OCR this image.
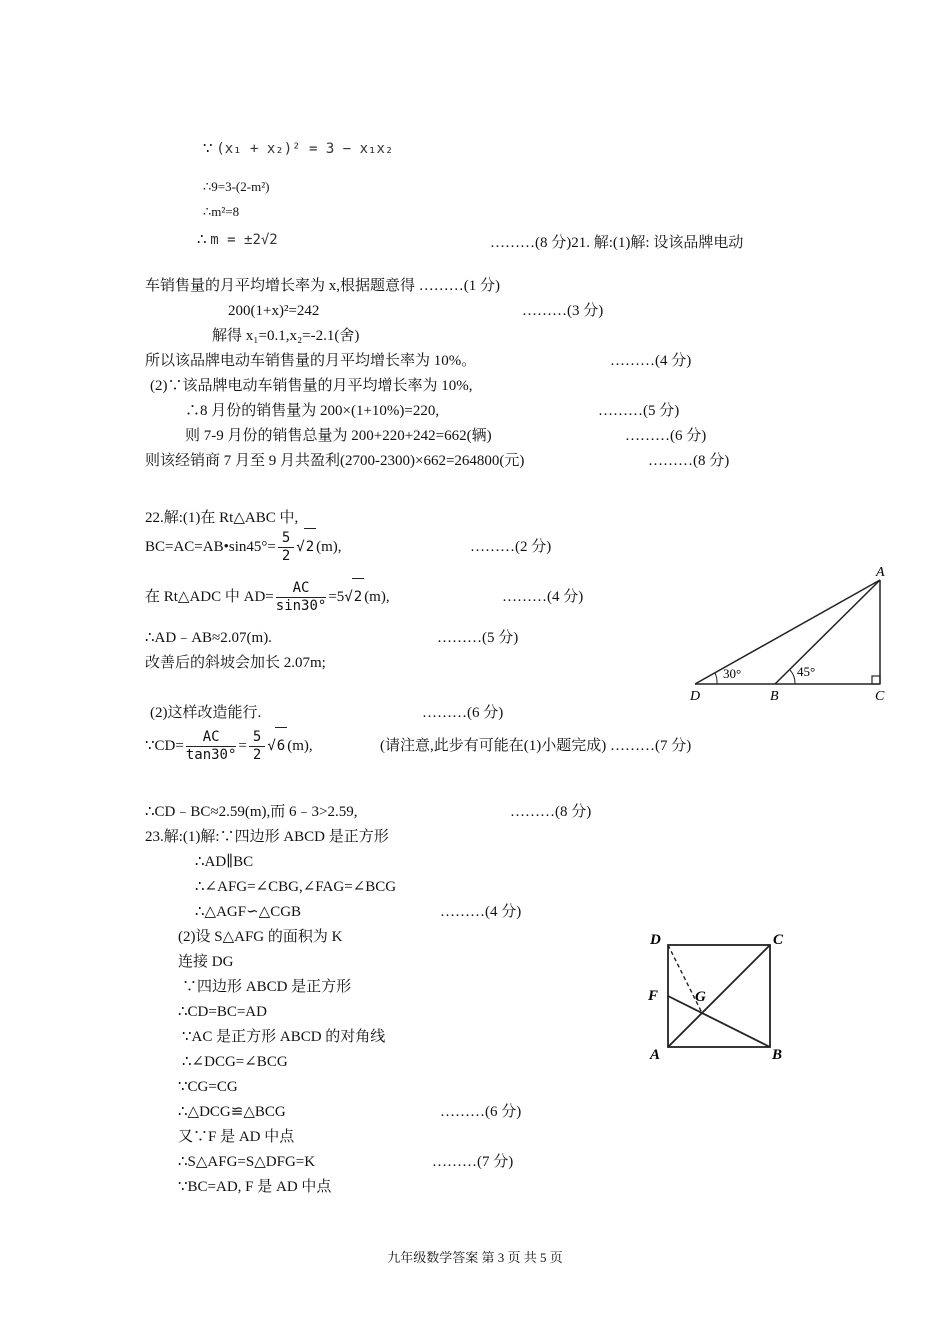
∵ (x₁ + x₂)² = 3 − x₁x₂
∴9=3-(2-m²)
∴m²=8
∴ m = ±2√2	………(8 分)21. 解:(1)解: 设该品牌电动
车销售量的月平均增长率为 x,根据题意得 ………(1 分)
200(1+x)²=242	………(3 分)
解得 x₁=0.1,x₂=-2.1(舍)
所以该品牌电动车销售量的月平均增长率为 10%。	………(4 分)
(2)∵该品牌电动车销售量的月平均增长率为 10%,
∴8 月份的销售量为 200×(1+10%)=220,	………(5 分)
则 7-9 月份的销售总量为 200+220+242=662(辆)	………(6 分)
则该经销商 7 月至 9 月共盈利(2700-2300)×662=264800(元)	………(8 分)
22.解:(1)在 Rt△ABC 中,
BC=AC=AB•sin45°= $\frac{5}{2} √2$ (m),	………(2 分)
在 Rt△ADC 中 $AD= \frac{AC}{\sin 30^\circ} =5√2$ (m),	………(4 分)
∴AD﹣AB≈2.07(m).	………(5 分)
改善后的斜坡会加长 2.07m;
30°	45°
A
D	B	C
(2)这样改造能行.	………(6 分)
∵CD= $\frac{AC}{\tan 30^\circ} = \frac{5}{2} √6$ (m),	(请注意,此步有可能在(1)小题完成) ………(7 分)
∴CD﹣BC≈2.59(m),而 6﹣3>2.59,	………(8 分)
23.解:(1)解:∵四边形 ABCD 是正方形
∴AD∥BC
∴∠AFG=∠CBG,∠FAG=∠BCG
∴△AGF∽△CGB	………(4 分)
(2)设 S△AFG 的面积为 K
连接 DG
∵四边形 ABCD 是正方形
∴CD=BC=AD
∵AC 是正方形 ABCD 的对角线
∴∠DCG=∠BCG
∵CG=CG
∴△DCG≌△BCG	………(6 分)
又∵F 是 AD 中点
∴S△AFG=S△DFG=K	………(7 分)
∵BC=AD, F 是 AD 中点
D	C
F G
A	B
九年级数学答案 第 3 页 共 5 页
